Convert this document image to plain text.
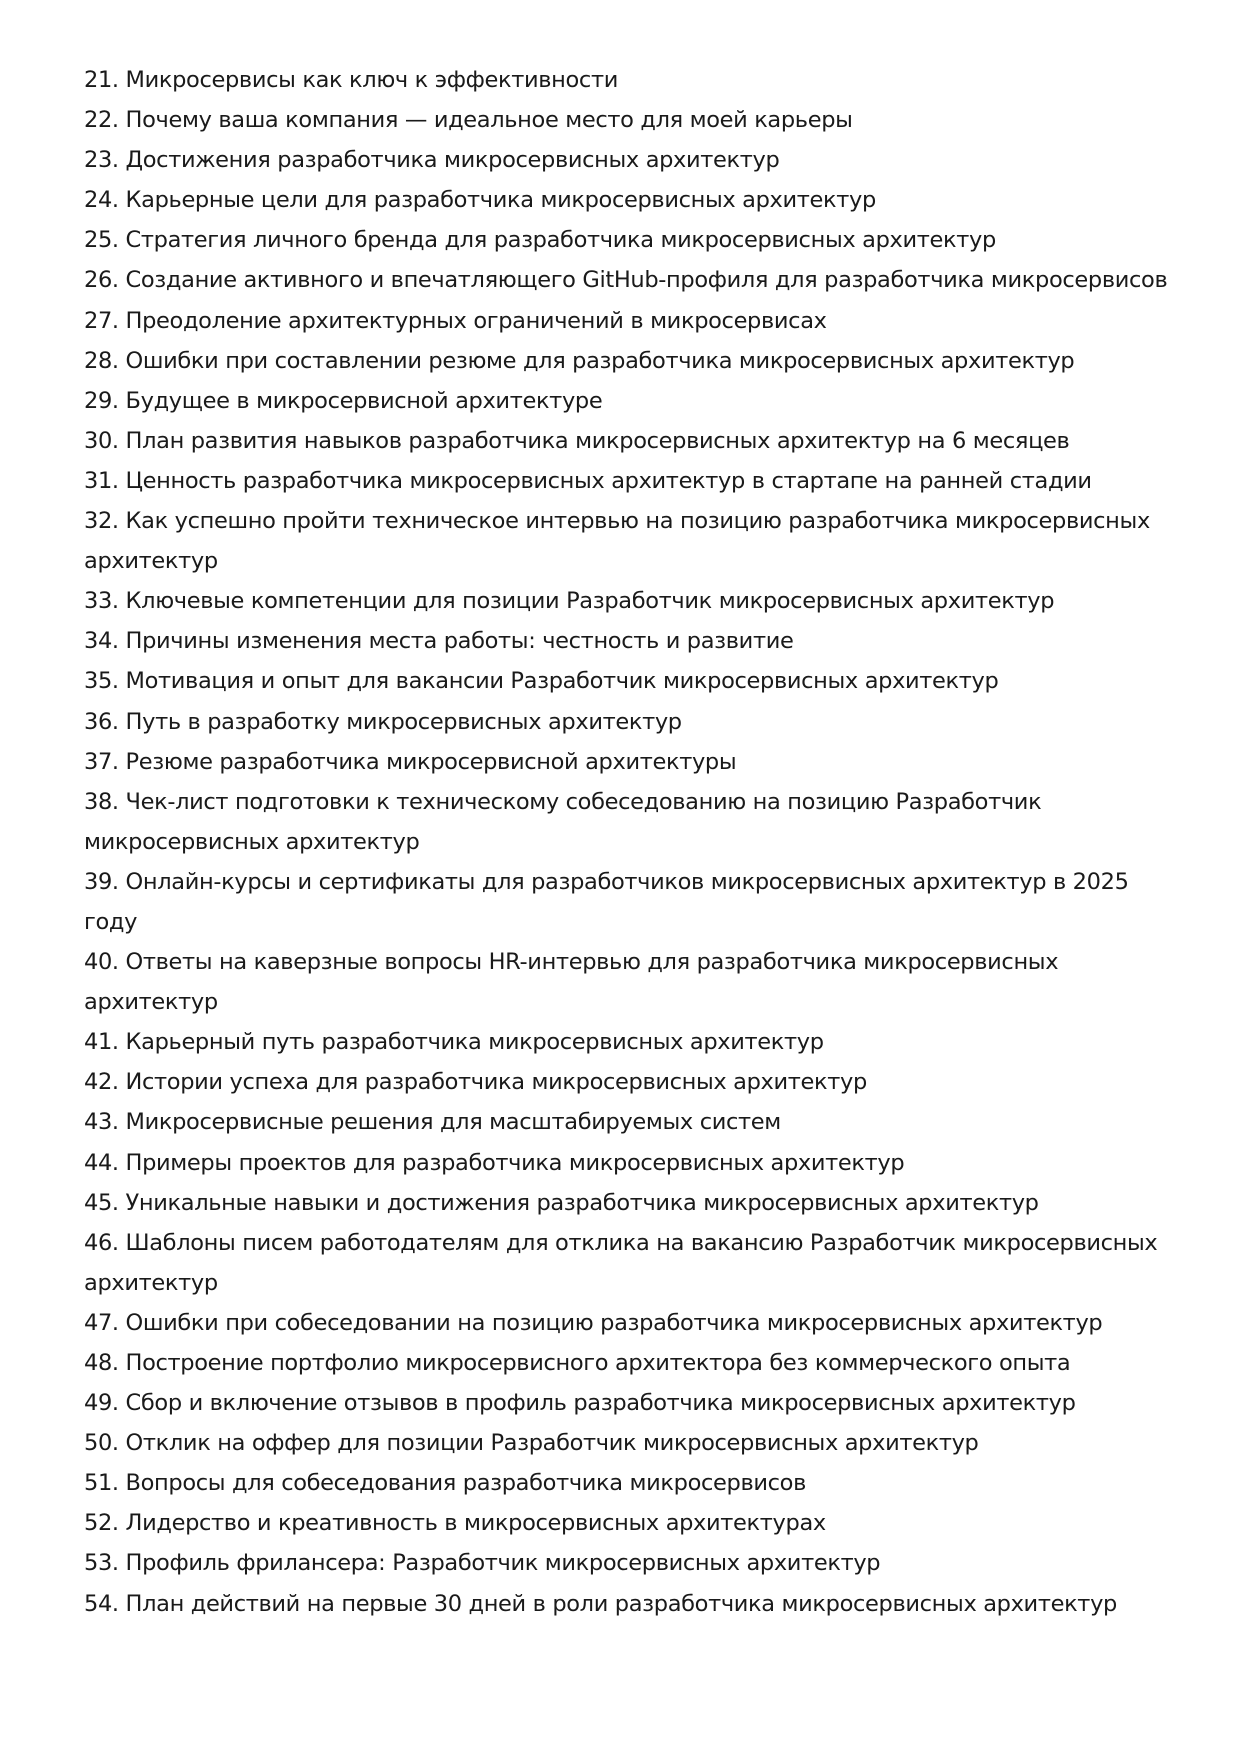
21. Микросервисы как ключ к эффективности
22. Почему ваша компания — идеальное место для моей карьеры
23. Достижения разработчика микросервисных архитектур
24. Карьерные цели для разработчика микросервисных архитектур
25. Стратегия личного бренда для разработчика микросервисных архитектур
26. Создание активного и впечатляющего GitHub-профиля для разработчика микросервисов
27. Преодоление архитектурных ограничений в микросервисах
28. Ошибки при составлении резюме для разработчика микросервисных архитектур
29. Будущее в микросервисной архитектуре
30. План развития навыков разработчика микросервисных архитектур на 6 месяцев
31. Ценность разработчика микросервисных архитектур в стартапе на ранней стадии
32. Как успешно пройти техническое интервью на позицию разработчика микросервисных архитектур
33. Ключевые компетенции для позиции Разработчик микросервисных архитектур
34. Причины изменения места работы: честность и развитие
35. Мотивация и опыт для вакансии Разработчик микросервисных архитектур
36. Путь в разработку микросервисных архитектур
37. Резюме разработчика микросервисной архитектуры
38. Чек-лист подготовки к техническому собеседованию на позицию Разработчик микросервисных архитектур
39. Онлайн-курсы и сертификаты для разработчиков микросервисных архитектур в 2025 году
40. Ответы на каверзные вопросы HR-интервью для разработчика микросервисных архитектур
41. Карьерный путь разработчика микросервисных архитектур
42. Истории успеха для разработчика микросервисных архитектур
43. Микросервисные решения для масштабируемых систем
44. Примеры проектов для разработчика микросервисных архитектур
45. Уникальные навыки и достижения разработчика микросервисных архитектур
46. Шаблоны писем работодателям для отклика на вакансию Разработчик микросервисных архитектур
47. Ошибки при собеседовании на позицию разработчика микросервисных архитектур
48. Построение портфолио микросервисного архитектора без коммерческого опыта
49. Сбор и включение отзывов в профиль разработчика микросервисных архитектур
50. Отклик на оффер для позиции Разработчик микросервисных архитектур
51. Вопросы для собеседования разработчика микросервисов
52. Лидерство и креативность в микросервисных архитектурах
53. Профиль фрилансера: Разработчик микросервисных архитектур
54. План действий на первые 30 дней в роли разработчика микросервисных архитектур
